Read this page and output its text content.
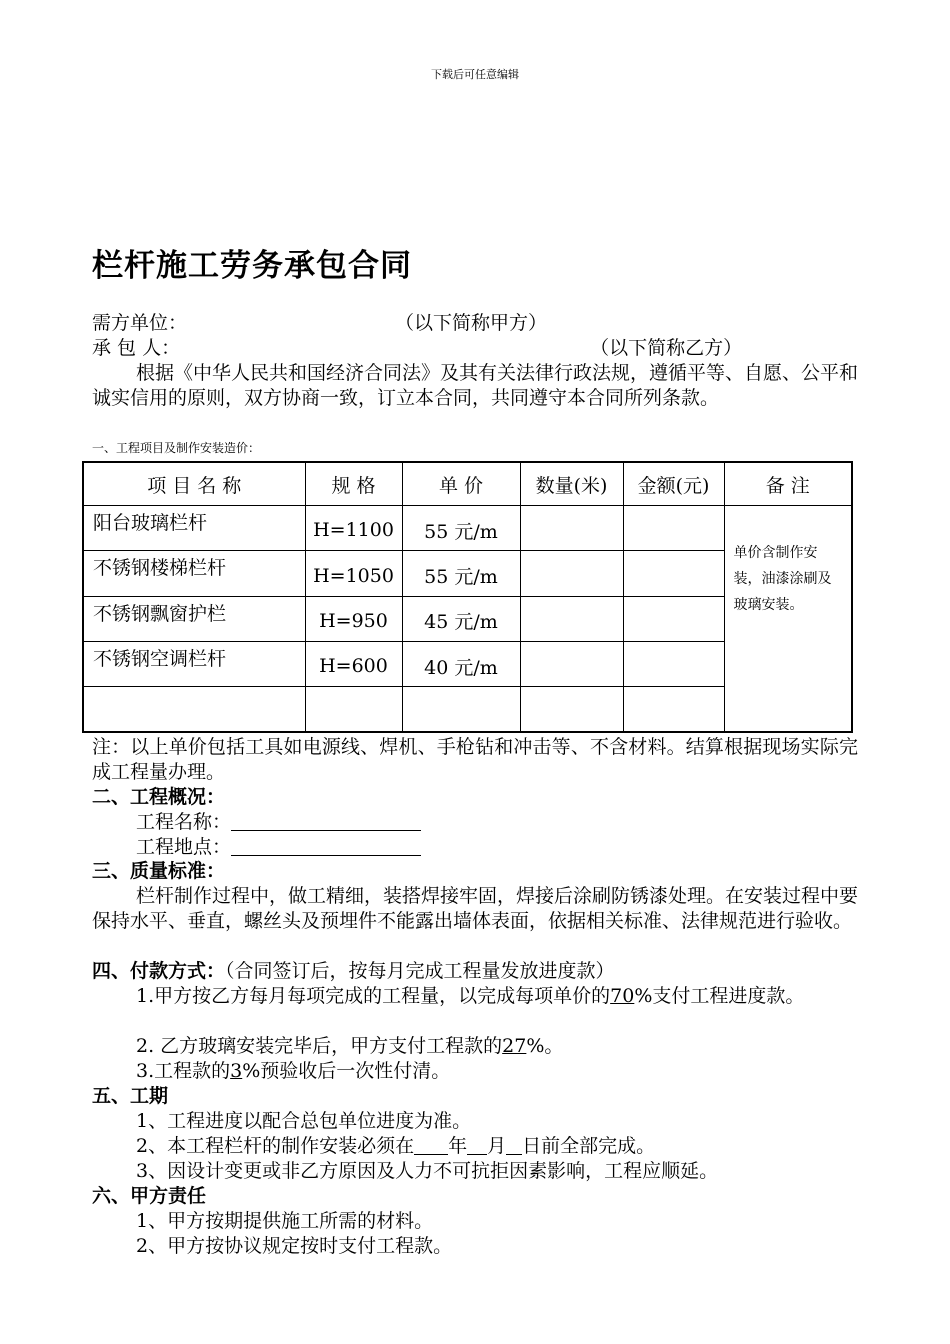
下载后可任意编辑
栏杆施工劳务承包合同
需方单位：	（以下简称甲方）
承 包 人：	（以下简称乙方）
根据《中华人民共和国经济合同法》及其有关法律行政法规，遵循平等、自愿、公平和诚实信用的原则，双方协商一致，订立本合同，共同遵守本合同所列条款。
一、工程项目及制作安装造价：
项 目 名 称	规 格	单 价	数量(米)	金额(元)	备 注
阳台玻璃栏杆	H=1100	55 元/m			单价含制作安装，油漆涂刷及玻璃安装。
不锈钢楼梯栏杆	H=1050	55 元/m			
不锈钢飘窗护栏	H=950	45 元/m			
不锈钢空调栏杆	H=600	40 元/m			

注：以上单价包括工具如电源线、焊机、手枪钻和冲击等、不含材料。结算根据现场实际完成工程量办理。
二、工程概况：
工程名称：
工程地点：
三、质量标准：
栏杆制作过程中，做工精细，装搭焊接牢固，焊接后涂刷防锈漆处理。在安装过程中要保持水平、垂直，螺丝头及预埋件不能露出墙体表面，依据相关标准、法律规范进行验收。
四、付款方式：（合同签订后，按每月完成工程量发放进度款）
1.甲方按乙方每月每项完成的工程量，以完成每项单价的70%支付工程进度款。
2. 乙方玻璃安装完毕后，甲方支付工程款的27%。
3.工程款的3%预验收后一次性付清。
五、工期
1、工程进度以配合总包单位进度为准。
2、本工程栏杆的制作安装必须在 年 月 日前全部完成。
3、因设计变更或非乙方原因及人力不可抗拒因素影响，工程应顺延。
六、甲方责任
1、甲方按期提供施工所需的材料。
2、甲方按协议规定按时支付工程款。
